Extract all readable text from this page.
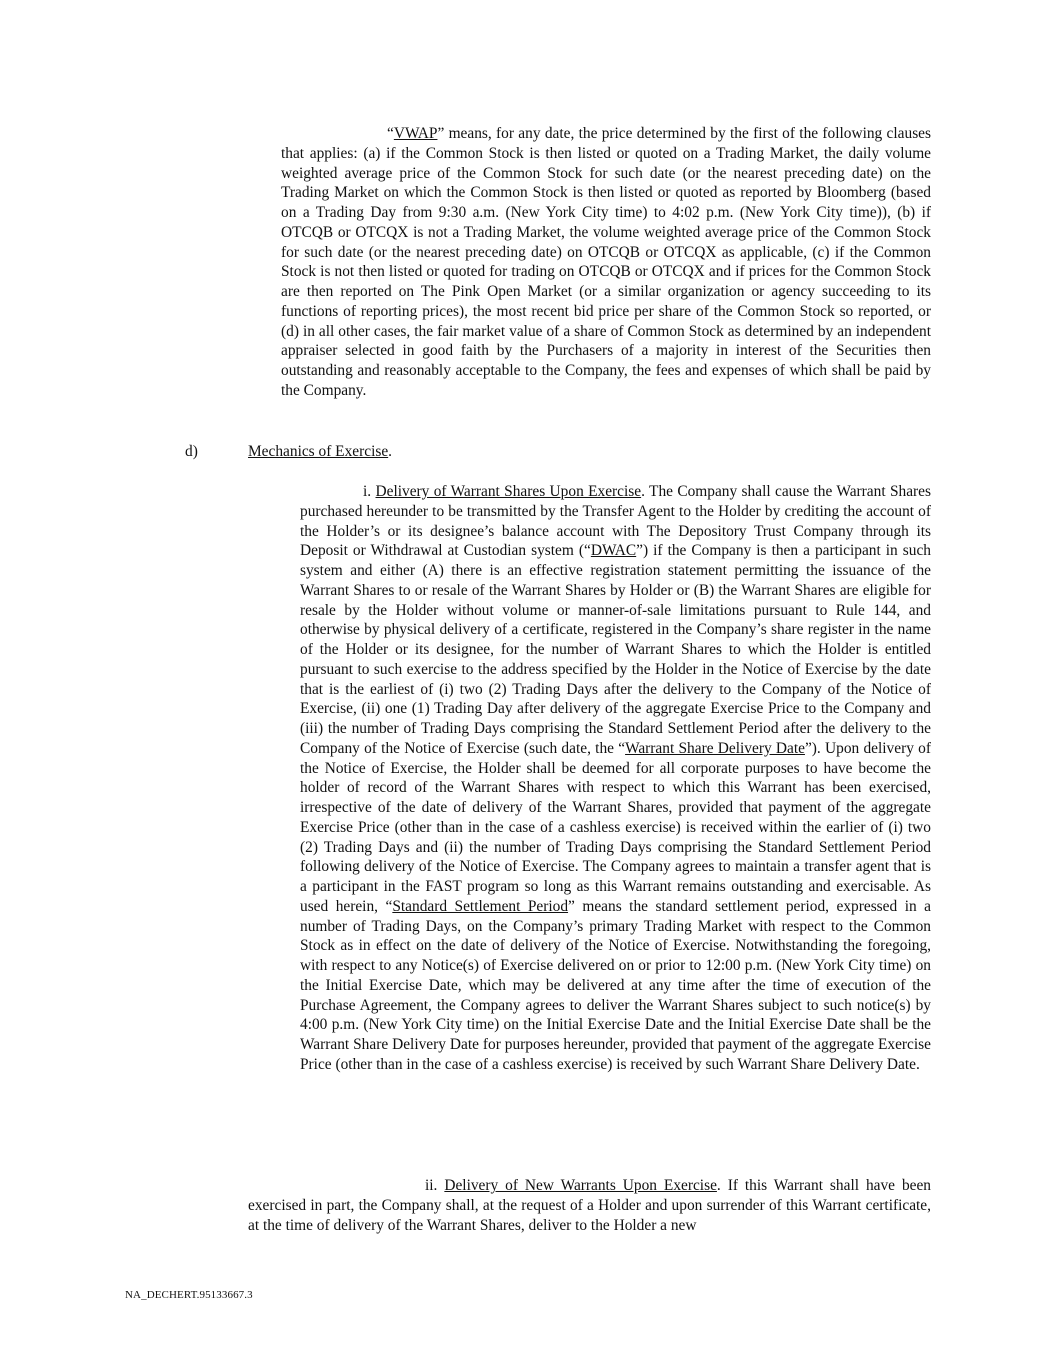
“VWAP” means, for any date, the price determined by the first of the following clauses that applies: (a) if the Common Stock is then listed or quoted on a Trading Market, the daily volume weighted average price of the Common Stock for such date (or the nearest preceding date) on the Trading Market on which the Common Stock is then listed or quoted as reported by Bloomberg (based on a Trading Day from 9:30 a.m. (New York City time) to 4:02 p.m. (New York City time)), (b) if OTCQB or OTCQX is not a Trading Market, the volume weighted average price of the Common Stock for such date (or the nearest preceding date) on OTCQB or OTCQX as applicable, (c) if the Common Stock is not then listed or quoted for trading on OTCQB or OTCQX and if prices for the Common Stock are then reported on The Pink Open Market (or a similar organization or agency succeeding to its functions of reporting prices), the most recent bid price per share of the Common Stock so reported, or (d) in all other cases, the fair market value of a share of Common Stock as determined by an independent appraiser selected in good faith by the Purchasers of a majority in interest of the Securities then outstanding and reasonably acceptable to the Company, the fees and expenses of which shall be paid by the Company.

d)	Mechanics of Exercise.

i. Delivery of Warrant Shares Upon Exercise. The Company shall cause the Warrant Shares purchased hereunder to be transmitted by the Transfer Agent to the Holder by crediting the account of the Holder’s or its designee’s balance account with The Depository Trust Company through its Deposit or Withdrawal at Custodian system (“DWAC”) if the Company is then a participant in such system and either (A) there is an effective registration statement permitting the issuance of the Warrant Shares to or resale of the Warrant Shares by Holder or (B) the Warrant Shares are eligible for resale by the Holder without volume or manner-of-sale limitations pursuant to Rule 144, and otherwise by physical delivery of a certificate, registered in the Company’s share register in the name of the Holder or its designee, for the number of Warrant Shares to which the Holder is entitled pursuant to such exercise to the address specified by the Holder in the Notice of Exercise by the date that is the earliest of (i) two (2) Trading Days after the delivery to the Company of the Notice of Exercise, (ii) one (1) Trading Day after delivery of the aggregate Exercise Price to the Company and (iii) the number of Trading Days comprising the Standard Settlement Period after the delivery to the Company of the Notice of Exercise (such date, the “Warrant Share Delivery Date”). Upon delivery of the Notice of Exercise, the Holder shall be deemed for all corporate purposes to have become the holder of record of the Warrant Shares with respect to which this Warrant has been exercised, irrespective of the date of delivery of the Warrant Shares, provided that payment of the aggregate Exercise Price (other than in the case of a cashless exercise) is received within the earlier of (i) two (2) Trading Days and (ii) the number of Trading Days comprising the Standard Settlement Period following delivery of the Notice of Exercise. The Company agrees to maintain a transfer agent that is a participant in the FAST program so long as this Warrant remains outstanding and exercisable. As used herein, “Standard Settlement Period” means the standard settlement period, expressed in a number of Trading Days, on the Company’s primary Trading Market with respect to the Common Stock as in effect on the date of delivery of the Notice of Exercise. Notwithstanding the foregoing, with respect to any Notice(s) of Exercise delivered on or prior to 12:00 p.m. (New York City time) on the Initial Exercise Date, which may be delivered at any time after the time of execution of the Purchase Agreement, the Company agrees to deliver the Warrant Shares subject to such notice(s) by 4:00 p.m. (New York City time) on the Initial Exercise Date and the Initial Exercise Date shall be the Warrant Share Delivery Date for purposes hereunder, provided that payment of the aggregate Exercise Price (other than in the case of a cashless exercise) is received by such Warrant Share Delivery Date.

ii. Delivery of New Warrants Upon Exercise. If this Warrant shall have been exercised in part, the Company shall, at the request of a Holder and upon surrender of this Warrant certificate, at the time of delivery of the Warrant Shares, deliver to the Holder a new

NA_DECHERT.95133667.3
